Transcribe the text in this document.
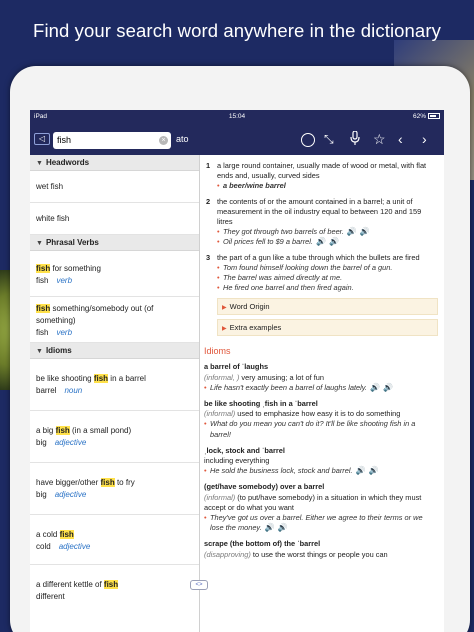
Find your search word anywhere in the dictionary
iPad	15:04	62%
◁	fish	× ato	⤡	☆ ‹ ›
▼ Headwords
wet fish
white fish
▼ Phrasal Verbs
fish for something
fish verb
fish something/somebody out (of something)
fish verb
▼ Idioms
be like shooting fish in a barrel
barrel noun
a big fish (in a small pond)
big adjective
have bigger/other fish to fry
big adjective
a cold fish
cold adjective
a different kettle of fish
different
<>
1 a large round container, usually made of wood or metal, with flat ends and, usually, curved sides
• a beer/wine barrel
2 the contents of or the amount contained in a barrel; a unit of measurement in the oil industry equal to between 120 and 159 litres
• They got through two barrels of beer. 🔊 🔊
• Oil prices fell to $9 a barrel. 🔊 🔊
3 the part of a gun like a tube through which the bullets are fired
• Tom found himself looking down the barrel of a gun.
• The barrel was aimed directly at me.
• He fired one barrel and then fired again.
▶ Word Origin
▶ Extra examples
Idioms
a barrel of ˈlaughs
(informal, ) very amusing; a lot of fun
• Life hasn't exactly been a barrel of laughs lately. 🔊 🔊
be like shooting ˌfish in a ˈbarrel
(informal) used to emphasize how easy it is to do something
• What do you mean you can't do it? It'll be like shooting fish in a barrel!
ˌlock, stock and ˈbarrel
including everything
• He sold the business lock, stock and barrel. 🔊 🔊
(get/have somebody) over a barrel
(informal) (to put/have somebody) in a situation in which they must accept or do what you want
• They've got us over a barrel. Either we agree to their terms or we lose the money. 🔊 🔊
scrape (the bottom of) the ˈbarrel
(disapproving) to use the worst things or people you can
